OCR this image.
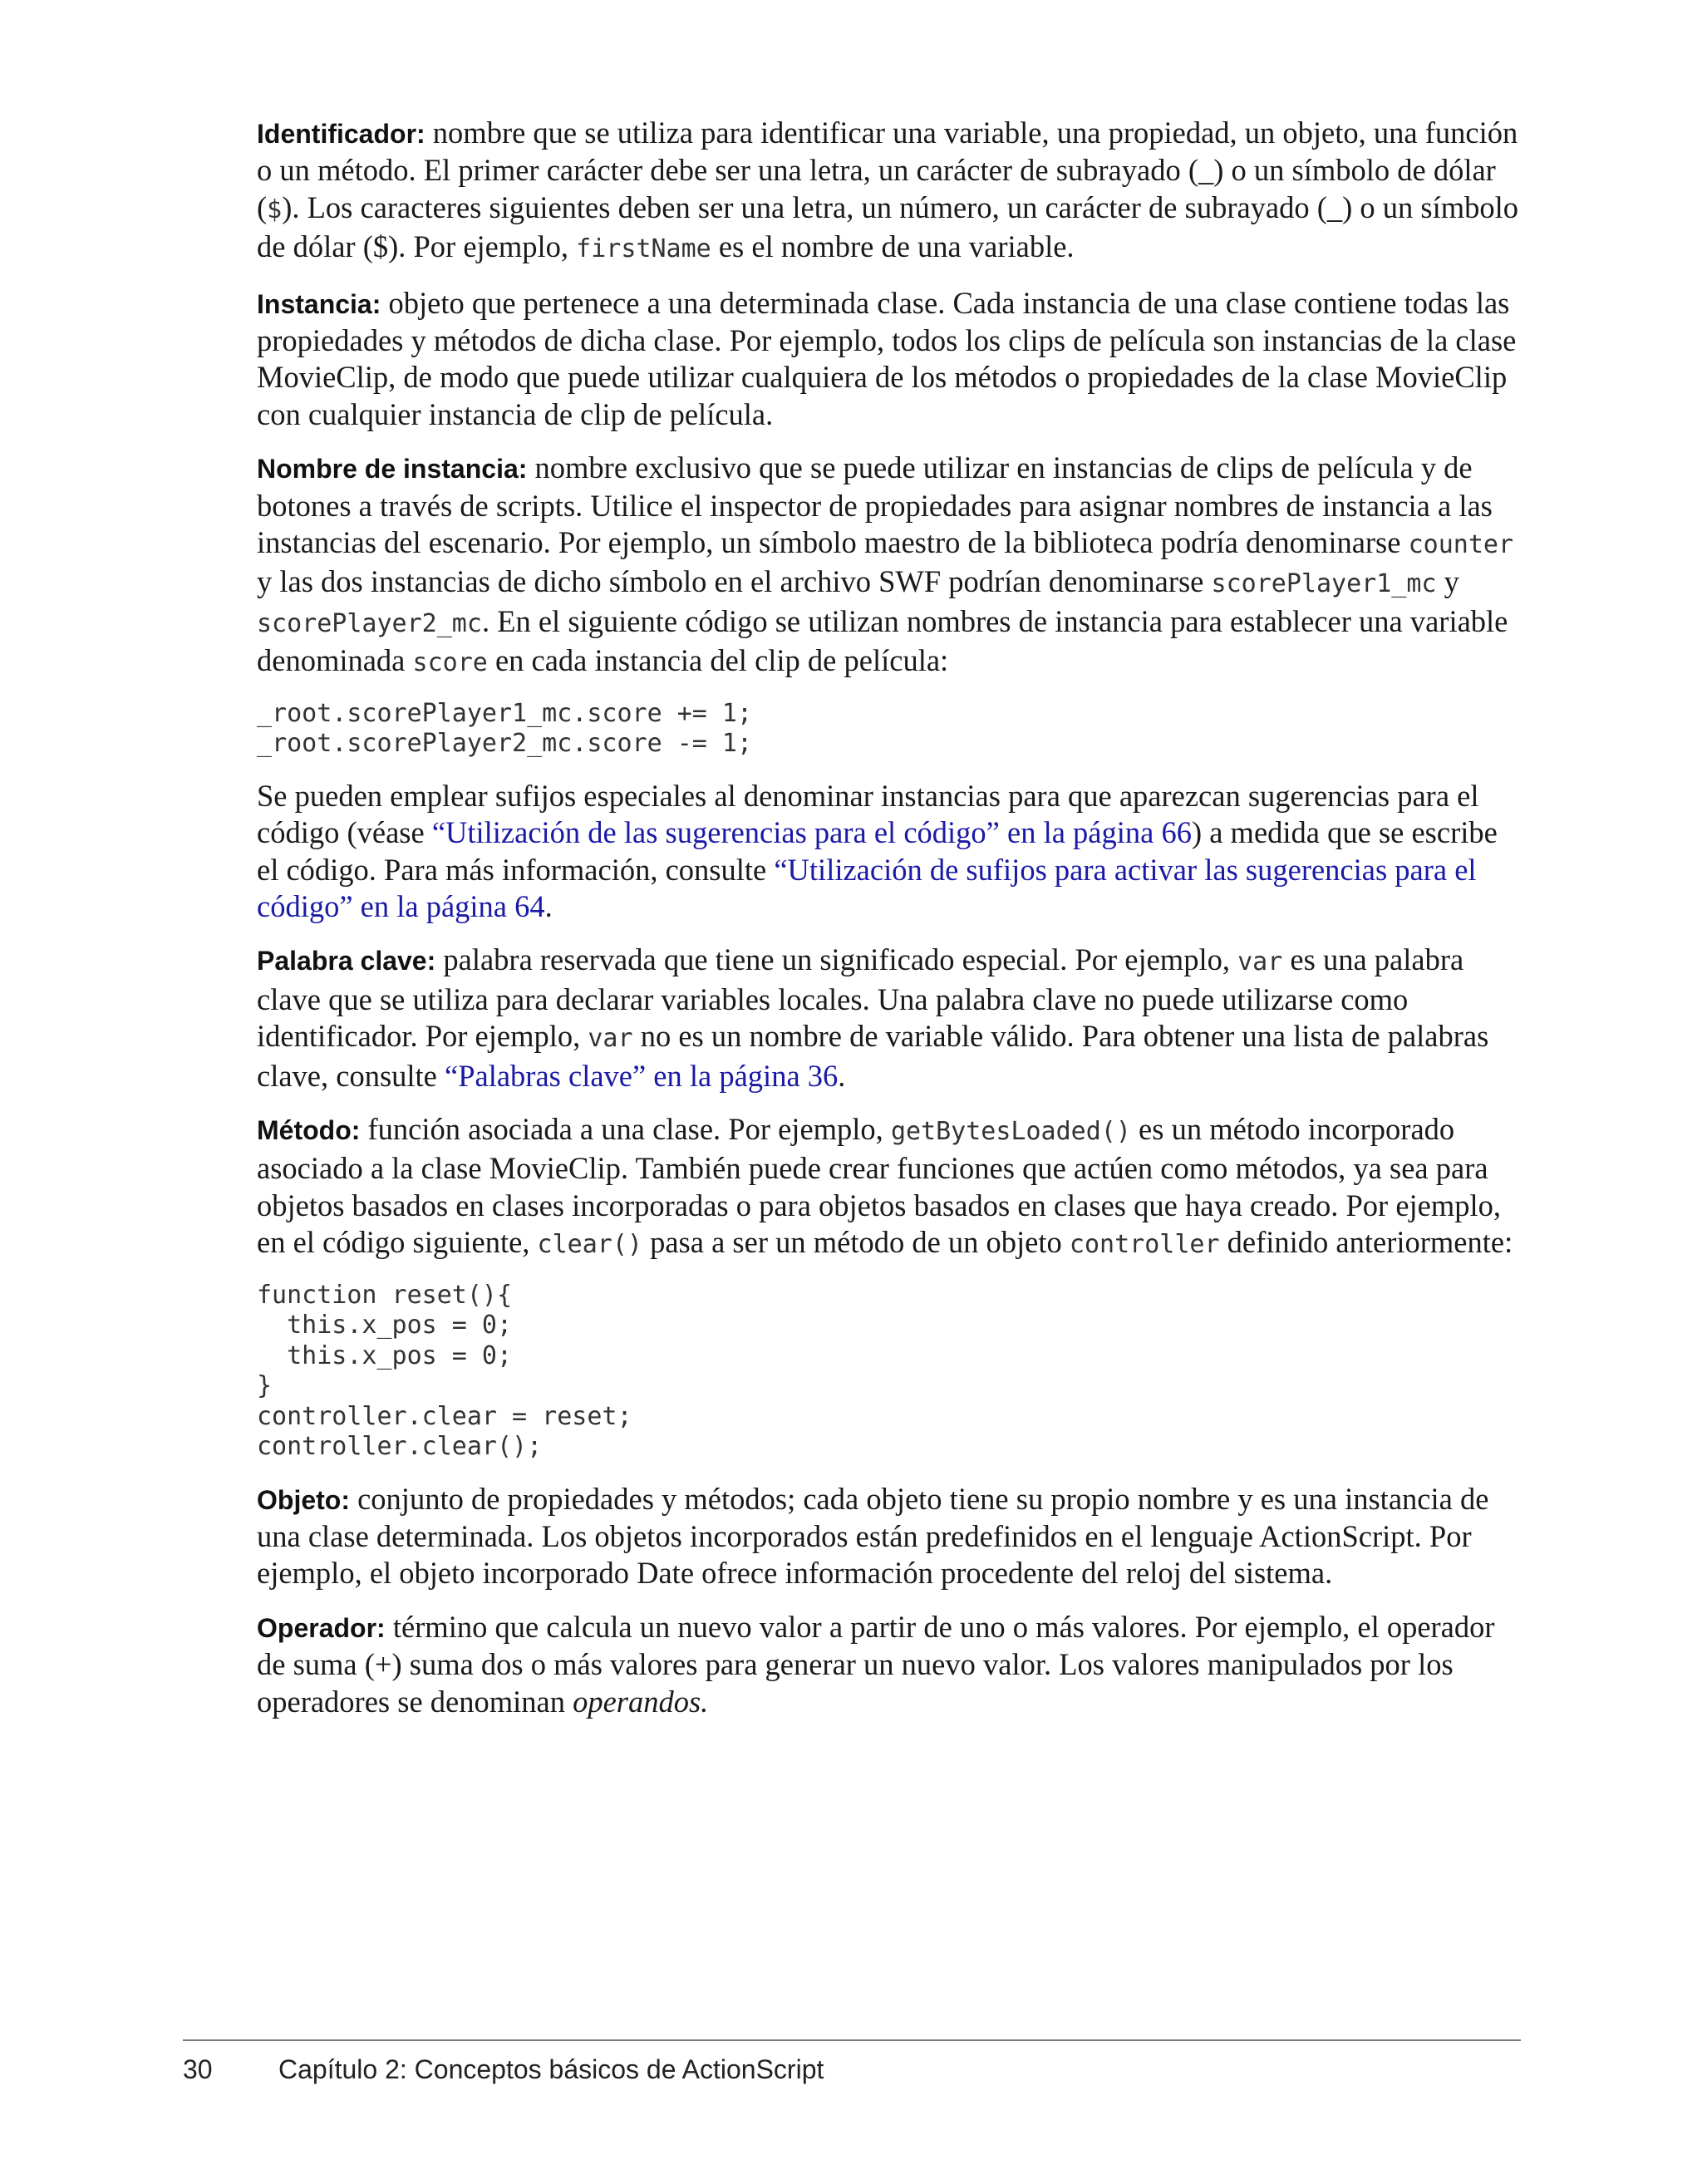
Identificador: nombre que se utiliza para identificar una variable, una propiedad, un objeto, una función o un método. El primer carácter debe ser una letra, un carácter de subrayado (_) o un símbolo de dólar ($). Los caracteres siguientes deben ser una letra, un número, un carácter de subrayado (_) o un símbolo de dólar ($). Por ejemplo, firstName es el nombre de una variable.

Instancia: objeto que pertenece a una determinada clase. Cada instancia de una clase contiene todas las propiedades y métodos de dicha clase. Por ejemplo, todos los clips de película son instancias de la clase MovieClip, de modo que puede utilizar cualquiera de los métodos o propiedades de la clase MovieClip con cualquier instancia de clip de película.

Nombre de instancia: nombre exclusivo que se puede utilizar en instancias de clips de película y de botones a través de scripts. Utilice el inspector de propiedades para asignar nombres de instancia a las instancias del escenario. Por ejemplo, un símbolo maestro de la biblioteca podría denominarse counter y las dos instancias de dicho símbolo en el archivo SWF podrían denominarse scorePlayer1_mc y scorePlayer2_mc. En el siguiente código se utilizan nombres de instancia para establecer una variable denominada score en cada instancia del clip de película:

_root.scorePlayer1_mc.score += 1;
_root.scorePlayer2_mc.score -= 1;

Se pueden emplear sufijos especiales al denominar instancias para que aparezcan sugerencias para el código (véase “Utilización de las sugerencias para el código” en la página 66) a medida que se escribe el código. Para más información, consulte “Utilización de sufijos para activar las sugerencias para el código” en la página 64.

Palabra clave: palabra reservada que tiene un significado especial. Por ejemplo, var es una palabra clave que se utiliza para declarar variables locales. Una palabra clave no puede utilizarse como identificador. Por ejemplo, var no es un nombre de variable válido. Para obtener una lista de palabras clave, consulte “Palabras clave” en la página 36.

Método: función asociada a una clase. Por ejemplo, getBytesLoaded() es un método incorporado asociado a la clase MovieClip. También puede crear funciones que actúen como métodos, ya sea para objetos basados en clases incorporadas o para objetos basados en clases que haya creado. Por ejemplo, en el código siguiente, clear() pasa a ser un método de un objeto controller definido anteriormente:

function reset(){
this.x_pos = 0;
this.x_pos = 0;
}
controller.clear = reset;
controller.clear();

Objeto: conjunto de propiedades y métodos; cada objeto tiene su propio nombre y es una instancia de una clase determinada. Los objetos incorporados están predefinidos en el lenguaje ActionScript. Por ejemplo, el objeto incorporado Date ofrece información procedente del reloj del sistema.

Operador: término que calcula un nuevo valor a partir de uno o más valores. Por ejemplo, el operador de suma (+) suma dos o más valores para generar un nuevo valor. Los valores manipulados por los operadores se denominan operandos.

30 Capítulo 2: Conceptos básicos de ActionScript
